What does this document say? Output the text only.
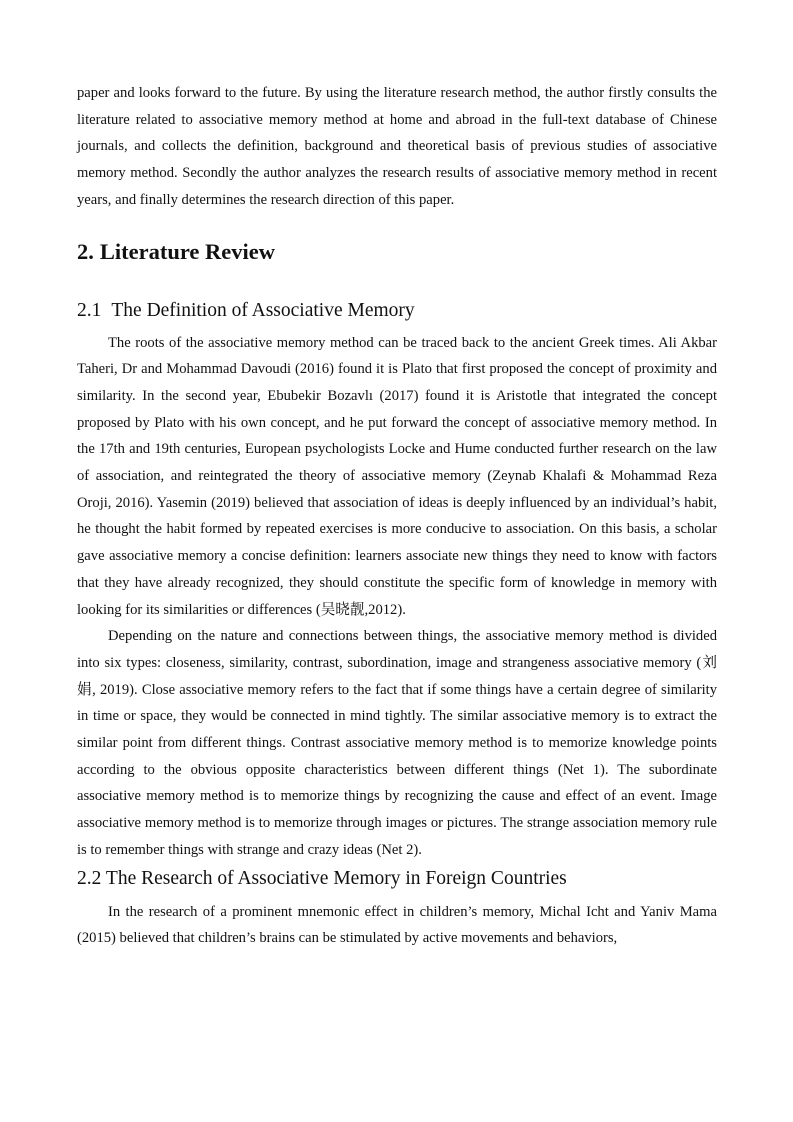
paper and looks forward to the future. By using the literature research method, the author firstly consults the literature related to associative memory method at home and abroad in the full-text database of Chinese journals, and collects the definition, background and theoretical basis of previous studies of associative memory method. Secondly the author analyzes the research results of associative memory method in recent years, and finally determines the research direction of this paper.

2. Literature Review
2.1 The Definition of Associative Memory

The roots of the associative memory method can be traced back to the ancient Greek times. Ali Akbar Taheri, Dr and Mohammad Davoudi (2016) found it is Plato that first proposed the concept of proximity and similarity. In the second year, Ebubekir Bozavlı (2017) found it is Aristotle that integrated the concept proposed by Plato with his own concept, and he put forward the concept of associative memory method. In the 17th and 19th centuries, European psychologists Locke and Hume conducted further research on the law of association, and reintegrated the theory of associative memory (Zeynab Khalafi & Mohammad Reza Oroji, 2016). Yasemin (2019) believed that association of ideas is deeply influenced by an individual’s habit, he thought the habit formed by repeated exercises is more conducive to association. On this basis, a scholar gave associative memory a concise definition: learners associate new things they need to know with factors that they have already recognized, they should constitute the specific form of knowledge in memory with looking for its similarities or differences (吴晓靓,2012).

Depending on the nature and connections between things, the associative memory method is divided into six types: closeness, similarity, contrast, subordination, image and strangeness associative memory (刘娟, 2019). Close associative memory refers to the fact that if some things have a certain degree of similarity in time or space, they would be connected in mind tightly. The similar associative memory is to extract the similar point from different things. Contrast associative memory method is to memorize knowledge points according to the obvious opposite characteristics between different things (Net 1). The subordinate associative memory method is to memorize things by recognizing the cause and effect of an event. Image associative memory method is to memorize through images or pictures. The strange association memory rule is to remember things with strange and crazy ideas (Net 2).

2.2 The Research of Associative Memory in Foreign Countries

In the research of a prominent mnemonic effect in children’s memory, Michal Icht and Yaniv Mama (2015) believed that children’s brains can be stimulated by active movements and behaviors,
